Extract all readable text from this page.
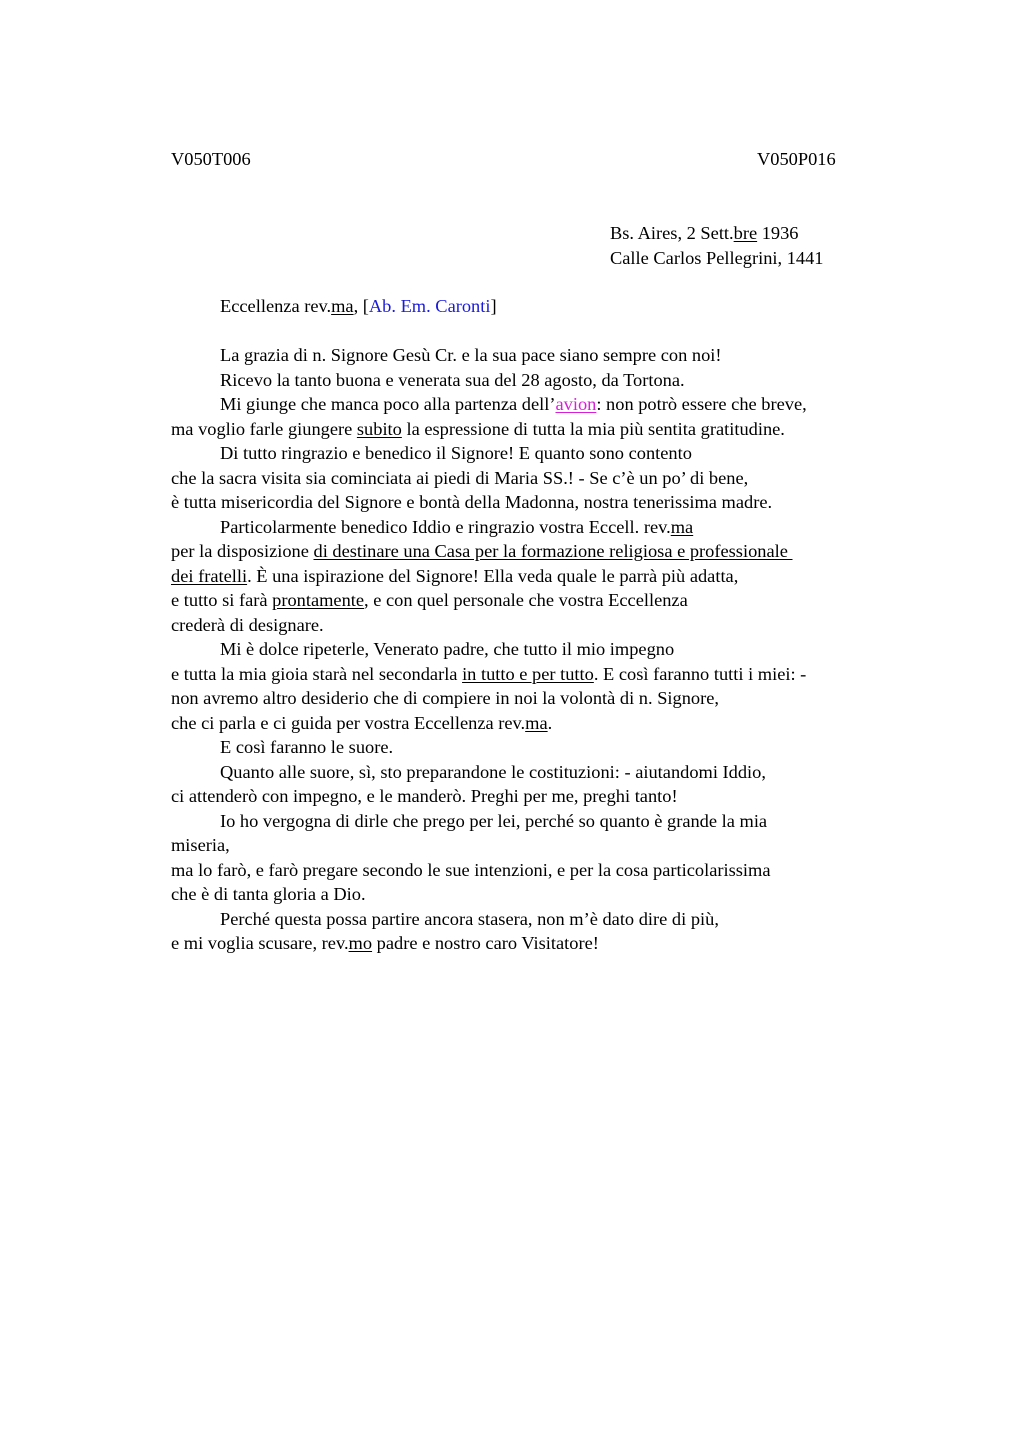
V050T006	V050P016
Bs. Aires, 2 Sett.bre 1936
Calle Carlos Pellegrini, 1441
Eccellenza rev.ma, [Ab. Em. Caronti]
La grazia di n. Signore Gesù Cr. e la sua pace siano sempre con noi!
Ricevo la tanto buona e venerata sua del 28 agosto, da Tortona.
Mi giunge che manca poco alla partenza dell’avion: non potrò essere che breve,
ma voglio farle giungere subito la espressione di tutta la mia più sentita gratitudine.
Di tutto ringrazio e benedico il Signore! E quanto sono contento
che la sacra visita sia cominciata ai piedi di Maria SS.! - Se c’è un po’ di bene,
è tutta misericordia del Signore e bontà della Madonna, nostra tenerissima madre.
Particolarmente benedico Iddio e ringrazio vostra Eccell. rev.ma
per la disposizione di destinare una Casa per la formazione religiosa e professionale
dei fratelli. È una ispirazione del Signore! Ella veda quale le parrà più adatta,
e tutto si farà prontamente, e con quel personale che vostra Eccellenza
crederà di designare.
Mi è dolce ripeterle, Venerato padre, che tutto il mio impegno
e tutta la mia gioia starà nel secondarla in tutto e per tutto. E così faranno tutti i miei: -
non avremo altro desiderio che di compiere in noi la volontà di n. Signore,
che ci parla e ci guida per vostra Eccellenza rev.ma.
E così faranno le suore.
Quanto alle suore, sì, sto preparandone le costituzioni: - aiutandomi Iddio,
ci attenderò con impegno, e le manderò. Preghi per me, preghi tanto!
Io ho vergogna di dirle che prego per lei, perché so quanto è grande la mia
miseria,
ma lo farò, e farò pregare secondo le sue intenzioni, e per la cosa particolarissima
che è di tanta gloria a Dio.
Perché questa possa partire ancora stasera, non m’è dato dire di più,
e mi voglia scusare, rev.mo padre e nostro caro Visitatore!
